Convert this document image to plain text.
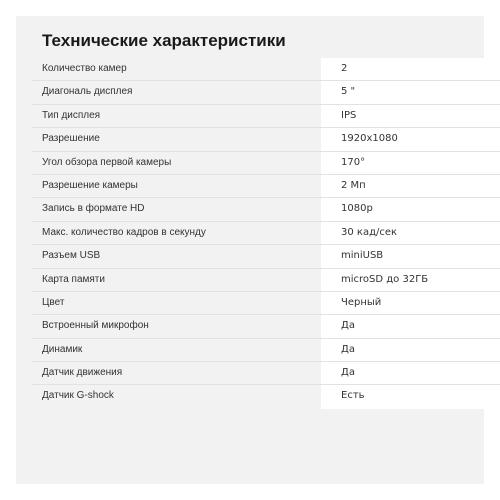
Технические характеристики
Количество камер	2
Диагональ дисплея	5 "
Тип дисплея	IPS
Разрешение	1920x1080
Угол обзора первой камеры	170°
Разрешение камеры	2 Мп
Запись в формате HD	1080p
Макс. количество кадров в секунду	30 кад/сек
Разъем USB	miniUSB
Карта памяти	microSD до 32ГБ
Цвет	Черный
Встроенный микрофон	Да
Динамик	Да
Датчик движения	Да
Датчик G-shock	Есть
